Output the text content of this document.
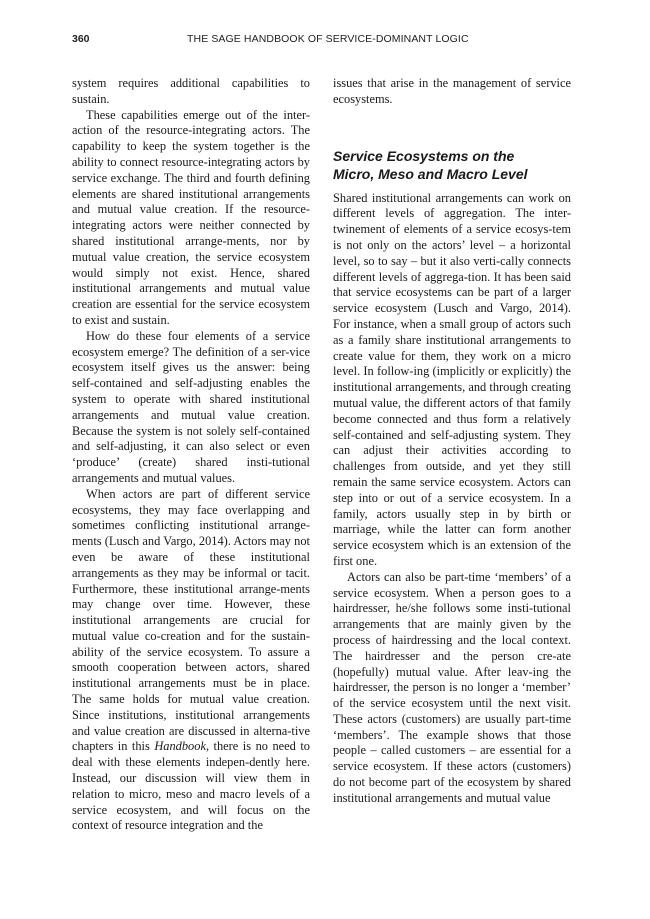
360	THE SAGE HANDBOOK OF SERVICE-DOMINANT LOGIC

system requires additional capabilities to sustain.

These capabilities emerge out of the inter-action of the resource-integrating actors. The capability to keep the system together is the ability to connect resource-integrating actors by service exchange. The third and fourth defining elements are shared institutional arrangements and mutual value creation. If the resource-integrating actors were neither connected by shared institutional arrange-ments, nor by mutual value creation, the service ecosystem would simply not exist. Hence, shared institutional arrangements and mutual value creation are essential for the service ecosystem to exist and sustain.

How do these four elements of a service ecosystem emerge? The definition of a ser-vice ecosystem itself gives us the answer: being self-contained and self-adjusting enables the system to operate with shared institutional arrangements and mutual value creation. Because the system is not solely self-contained and self-adjusting, it can also select or even ‘produce’ (create) shared insti-tutional arrangements and mutual values.

When actors are part of different service ecosystems, they may face overlapping and sometimes conflicting institutional arrange-ments (Lusch and Vargo, 2014). Actors may not even be aware of these institutional arrangements as they may be informal or tacit. Furthermore, these institutional arrange-ments may change over time. However, these institutional arrangements are crucial for mutual value co-creation and for the sustain-ability of the service ecosystem. To assure a smooth cooperation between actors, shared institutional arrangements must be in place. The same holds for mutual value creation. Since institutions, institutional arrangements and value creation are discussed in alterna-tive chapters in this Handbook, there is no need to deal with these elements indepen-dently here. Instead, our discussion will view them in relation to micro, meso and macro levels of a service ecosystem, and will focus on the context of resource integration and the

issues that arise in the management of service ecosystems.

Service Ecosystems on the
Micro, Meso and Macro Level

Shared institutional arrangements can work on different levels of aggregation. The inter-twinement of elements of a service ecosys-tem is not only on the actors’ level – a horizontal level, so to say – but it also verti-cally connects different levels of aggrega-tion. It has been said that service ecosystems can be part of a larger service ecosystem (Lusch and Vargo, 2014). For instance, when a small group of actors such as a family share institutional arrangements to create value for them, they work on a micro level. In follow-ing (implicitly or explicitly) the institutional arrangements, and through creating mutual value, the different actors of that family become connected and thus form a relatively self-contained and self-adjusting system. They can adjust their activities according to challenges from outside, and yet they still remain the same service ecosystem. Actors can step into or out of a service ecosystem. In a family, actors usually step in by birth or marriage, while the latter can form another service ecosystem which is an extension of the first one.

Actors can also be part-time ‘members’ of a service ecosystem. When a person goes to a hairdresser, he/she follows some insti-tutional arrangements that are mainly given by the process of hairdressing and the local context. The hairdresser and the person cre-ate (hopefully) mutual value. After leav-ing the hairdresser, the person is no longer a ‘member’ of the service ecosystem until the next visit. These actors (customers) are usually part-time ‘members’. The example shows that those people – called customers – are essential for a service ecosystem. If these actors (customers) do not become part of the ecosystem by shared institutional arrangements and mutual value
